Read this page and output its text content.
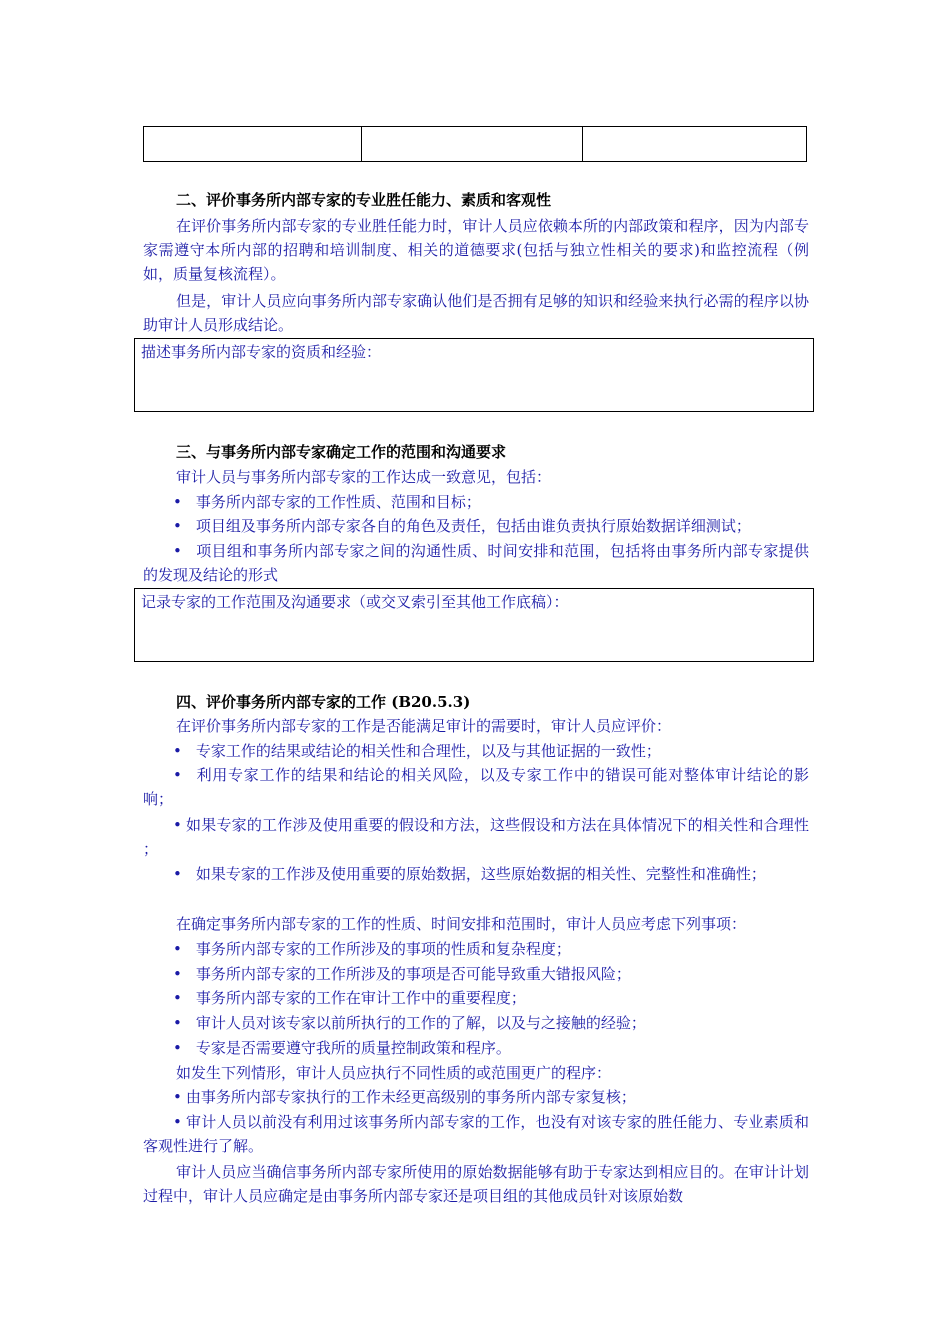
二、评价事务所内部专家的专业胜任能力、素质和客观性

在评价事务所内部专家的专业胜任能力时，审计人员应依赖本所的内部政策和程序，因为内部专家需遵守本所内部的招聘和培训制度、相关的道德要求(包括与独立性相关的要求)和监控流程（例如，质量复核流程）。

但是，审计人员应向事务所内部专家确认他们是否拥有足够的知识和经验来执行必需的程序以协助审计人员形成结论。

描述事务所内部专家的资质和经验：
三、与事务所内部专家确定工作的范围和沟通要求

审计人员与事务所内部专家的工作达成一致意见，包括：

• 事务所内部专家的工作性质、范围和目标；

• 项目组及事务所内部专家各自的角色及责任，包括由谁负责执行原始数据详细测试；

• 项目组和事务所内部专家之间的沟通性质、时间安排和范围，包括将由事务所内部专家提供的发现及结论的形式

记录专家的工作范围及沟通要求（或交叉索引至其他工作底稿）：
四、评价事务所内部专家的工作 (B20.5.3)

在评价事务所内部专家的工作是否能满足审计的需要时，审计人员应评价：

• 专家工作的结果或结论的相关性和合理性，以及与其他证据的一致性；

• 利用专家工作的结果和结论的相关风险，以及专家工作中的错误可能对整体审计结论的影响；

• 如果专家的工作涉及使用重要的假设和方法，这些假设和方法在具体情况下的相关性和合理性 ；

• 如果专家的工作涉及使用重要的原始数据，这些原始数据的相关性、完整性和准确性；

在确定事务所内部专家的工作的性质、时间安排和范围时，审计人员应考虑下列事项：

• 事务所内部专家的工作所涉及的事项的性质和复杂程度；

• 事务所内部专家的工作所涉及的事项是否可能导致重大错报风险；

• 事务所内部专家的工作在审计工作中的重要程度；

• 审计人员对该专家以前所执行的工作的了解，以及与之接触的经验；

• 专家是否需要遵守我所的质量控制政策和程序。

如发生下列情形，审计人员应执行不同性质的或范围更广的程序：

• 由事务所内部专家执行的工作未经更高级别的事务所内部专家复核；

• 审计人员以前没有利用过该事务所内部专家的工作，也没有对该专家的胜任能力、专业素质和客观性进行了解。

审计人员应当确信事务所内部专家所使用的原始数据能够有助于专家达到相应目的。在审计计划过程中，审计人员应确定是由事务所内部专家还是项目组的其他成员针对该原始数
